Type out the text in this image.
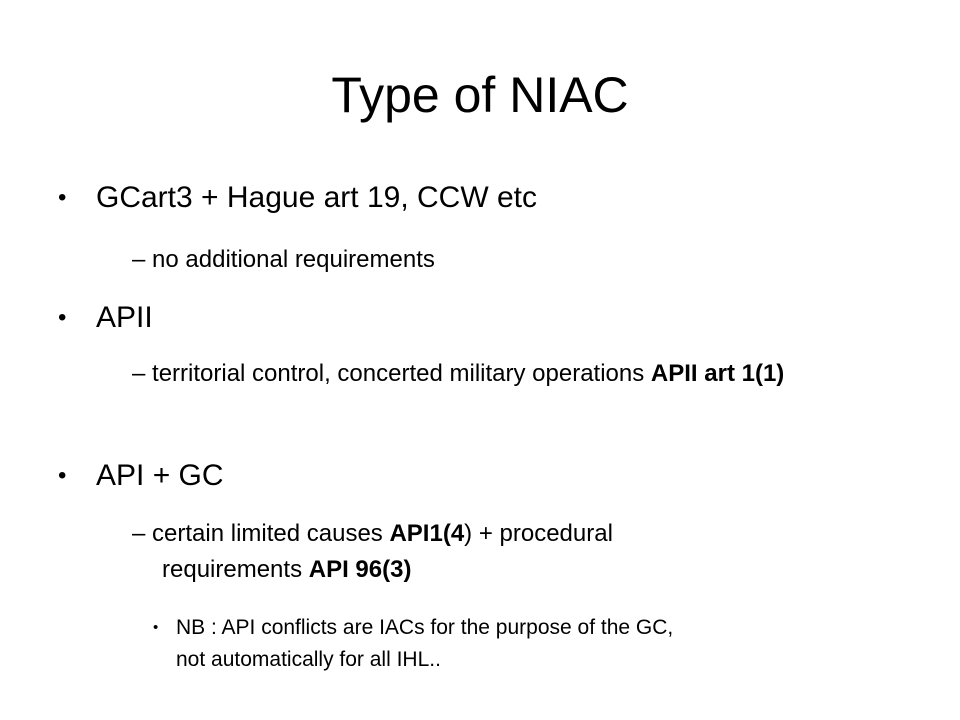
Type of NIAC
• GCart3 + Hague art 19, CCW etc
– no additional requirements
• APII
– territorial control, concerted military operations APII art 1(1)
• API + GC
– certain limited causes API1(4) + procedural
requirements API 96(3)
• NB : API conflicts are IACs for the purpose of the GC,
not automatically for all IHL..
